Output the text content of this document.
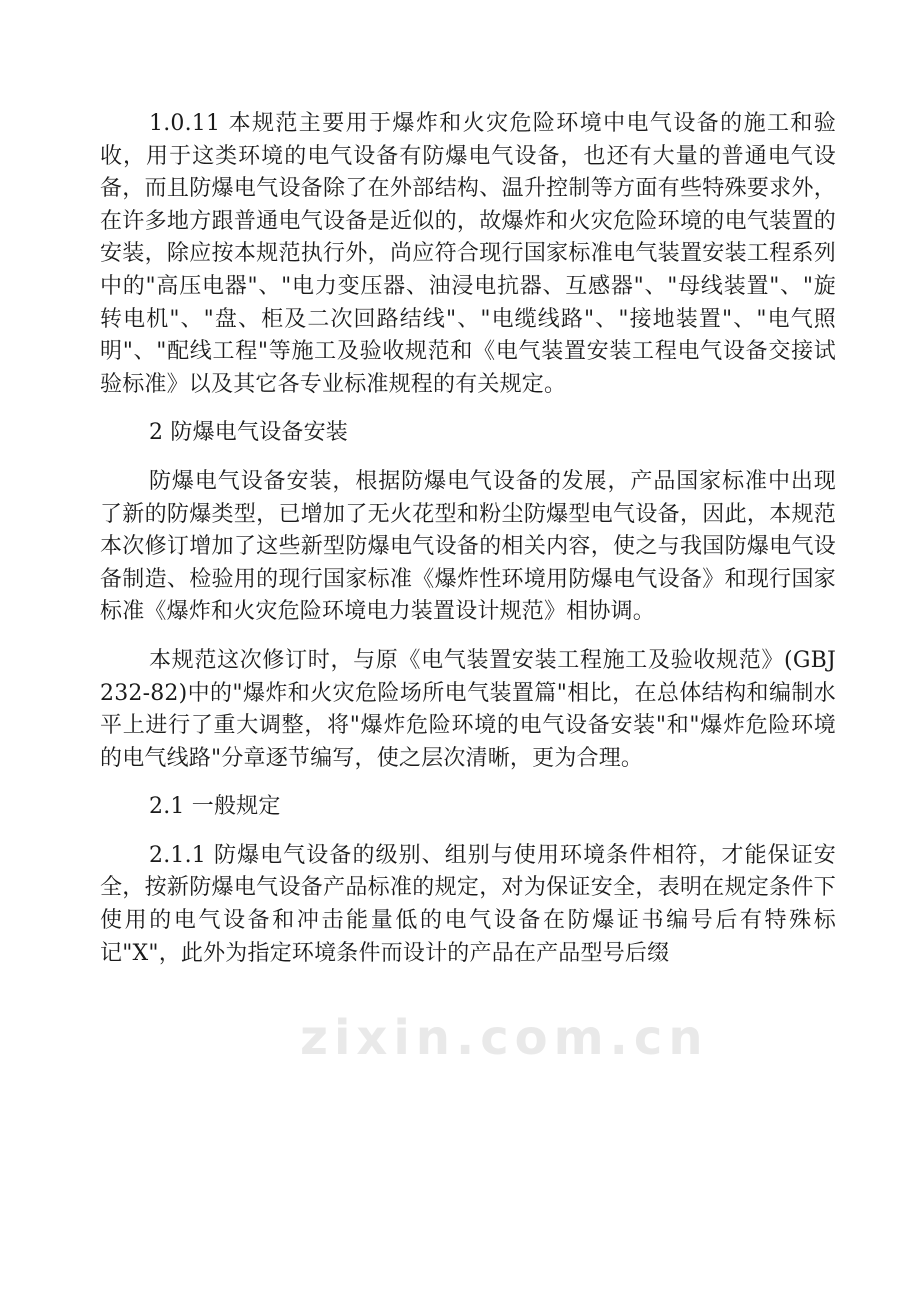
1.0.11 本规范主要用于爆炸和火灾危险环境中电气设备的施工和验收，用于这类环境的电气设备有防爆电气设备，也还有大量的普通电气设备，而且防爆电气设备除了在外部结构、温升控制等方面有些特殊要求外，在许多地方跟普通电气设备是近似的，故爆炸和火灾危险环境的电气装置的安装，除应按本规范执行外，尚应符合现行国家标准电气装置安装工程系列中的"高压电器"、"电力变压器、油浸电抗器、互感器"、"母线装置"、"旋转电机"、"盘、柜及二次回路结线"、"电缆线路"、"接地装置"、"电气照明"、"配线工程"等施工及验收规范和《电气装置安装工程电气设备交接试验标准》以及其它各专业标准规程的有关规定。

2 防爆电气设备安装

防爆电气设备安装，根据防爆电气设备的发展，产品国家标准中出现了新的防爆类型，已增加了无火花型和粉尘防爆型电气设备，因此，本规范本次修订增加了这些新型防爆电气设备的相关内容，使之与我国防爆电气设备制造、检验用的现行国家标准《爆炸性环境用防爆电气设备》和现行国家标准《爆炸和火灾危险环境电力装置设计规范》相协调。

本规范这次修订时，与原《电气装置安装工程施工及验收规范》(GBJ 232-82)中的"爆炸和火灾危险场所电气装置篇"相比，在总体结构和编制水平上进行了重大调整，将"爆炸危险环境的电气设备安装"和"爆炸危险环境的电气线路"分章逐节编写，使之层次清晰，更为合理。

2.1 一般规定

2.1.1 防爆电气设备的级别、组别与使用环境条件相符，才能保证安全，按新防爆电气设备产品标准的规定，对为保证安全，表明在规定条件下使用的电气设备和冲击能量低的电气设备在防爆证书编号后有特殊标记"X"，此外为指定环境条件而设计的产品在产品型号后缀

zixin.com.cn
